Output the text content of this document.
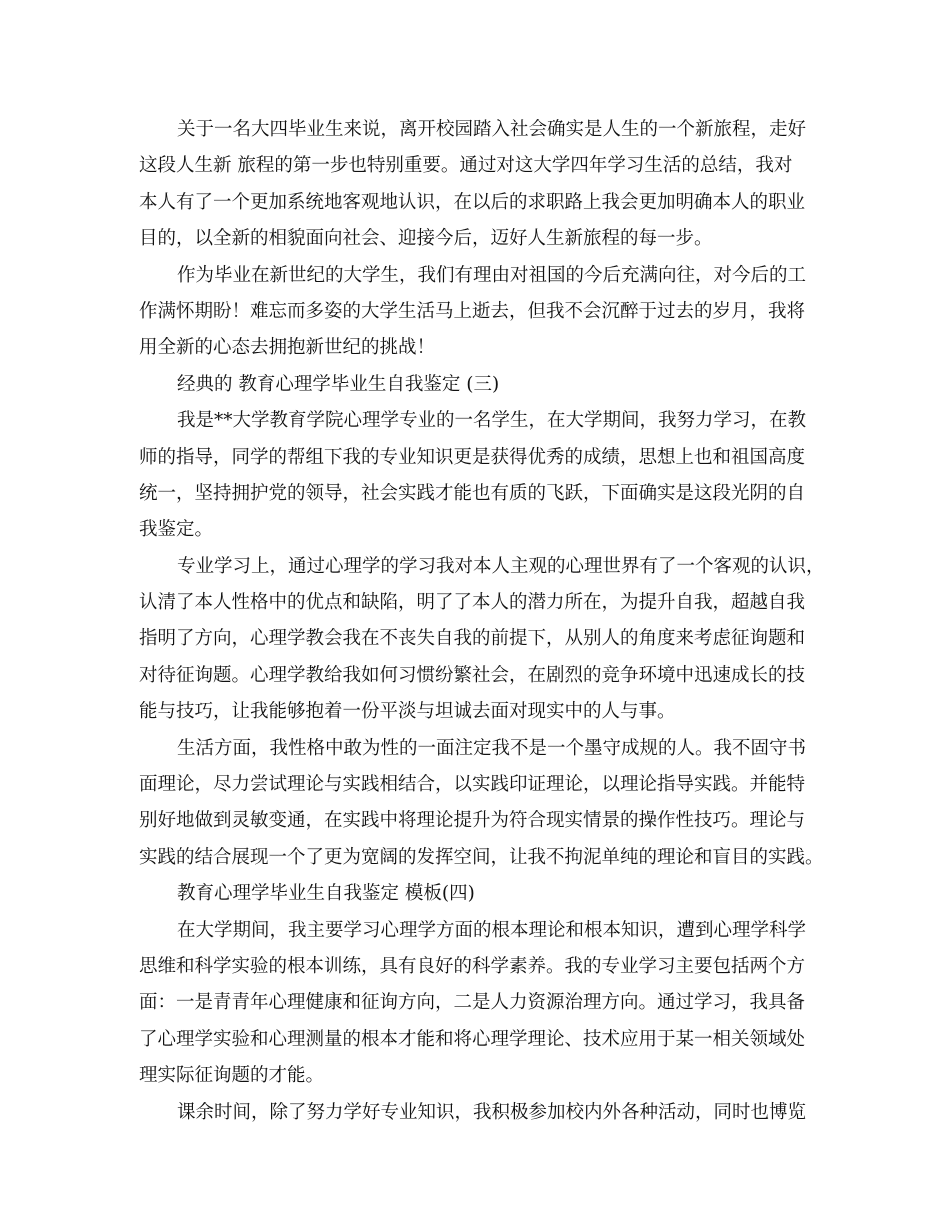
关于一名大四毕业生来说，离开校园踏入社会确实是人生的一个新旅程，走好
这段人生新 旅程的第一步也特别重要。通过对这大学四年学习生活的总结，我对
本人有了一个更加系统地客观地认识，在以后的求职路上我会更加明确本人的职业
目的，以全新的相貌面向社会、迎接今后，迈好人生新旅程的每一步。
作为毕业在新世纪的大学生，我们有理由对祖国的今后充满向往，对今后的工
作满怀期盼！难忘而多姿的大学生活马上逝去，但我不会沉醉于过去的岁月，我将
用全新的心态去拥抱新世纪的挑战！
经典的 教育心理学毕业生自我鉴定 (三)
我是**大学教育学院心理学专业的一名学生，在大学期间，我努力学习，在教
师的指导，同学的帮组下我的专业知识更是获得优秀的成绩，思想上也和祖国高度
统一，坚持拥护党的领导，社会实践才能也有质的飞跃，下面确实是这段光阴的自
我鉴定。
专业学习上，通过心理学的学习我对本人主观的心理世界有了一个客观的认识，
认清了本人性格中的优点和缺陷，明了了本人的潜力所在，为提升自我，超越自我
指明了方向，心理学教会我在不丧失自我的前提下，从别人的角度来考虑征询题和
对待征询题。心理学教给我如何习惯纷繁社会，在剧烈的竞争环境中迅速成长的技
能与技巧，让我能够抱着一份平淡与坦诚去面对现实中的人与事。
生活方面，我性格中敢为性的一面注定我不是一个墨守成规的人。我不固守书
面理论，尽力尝试理论与实践相结合，以实践印证理论，以理论指导实践。并能特
别好地做到灵敏变通，在实践中将理论提升为符合现实情景的操作性技巧。理论与
实践的结合展现一个了更为宽阔的发挥空间，让我不拘泥单纯的理论和盲目的实践。
教育心理学毕业生自我鉴定 模板(四)
在大学期间，我主要学习心理学方面的根本理论和根本知识，遭到心理学科学
思维和科学实验的根本训练，具有良好的科学素养。我的专业学习主要包括两个方
面：一是青青年心理健康和征询方向，二是人力资源治理方向。通过学习，我具备
了心理学实验和心理测量的根本才能和将心理学理论、技术应用于某一相关领域处
理实际征询题的才能。
课余时间，除了努力学好专业知识，我积极参加校内外各种活动，同时也博览
